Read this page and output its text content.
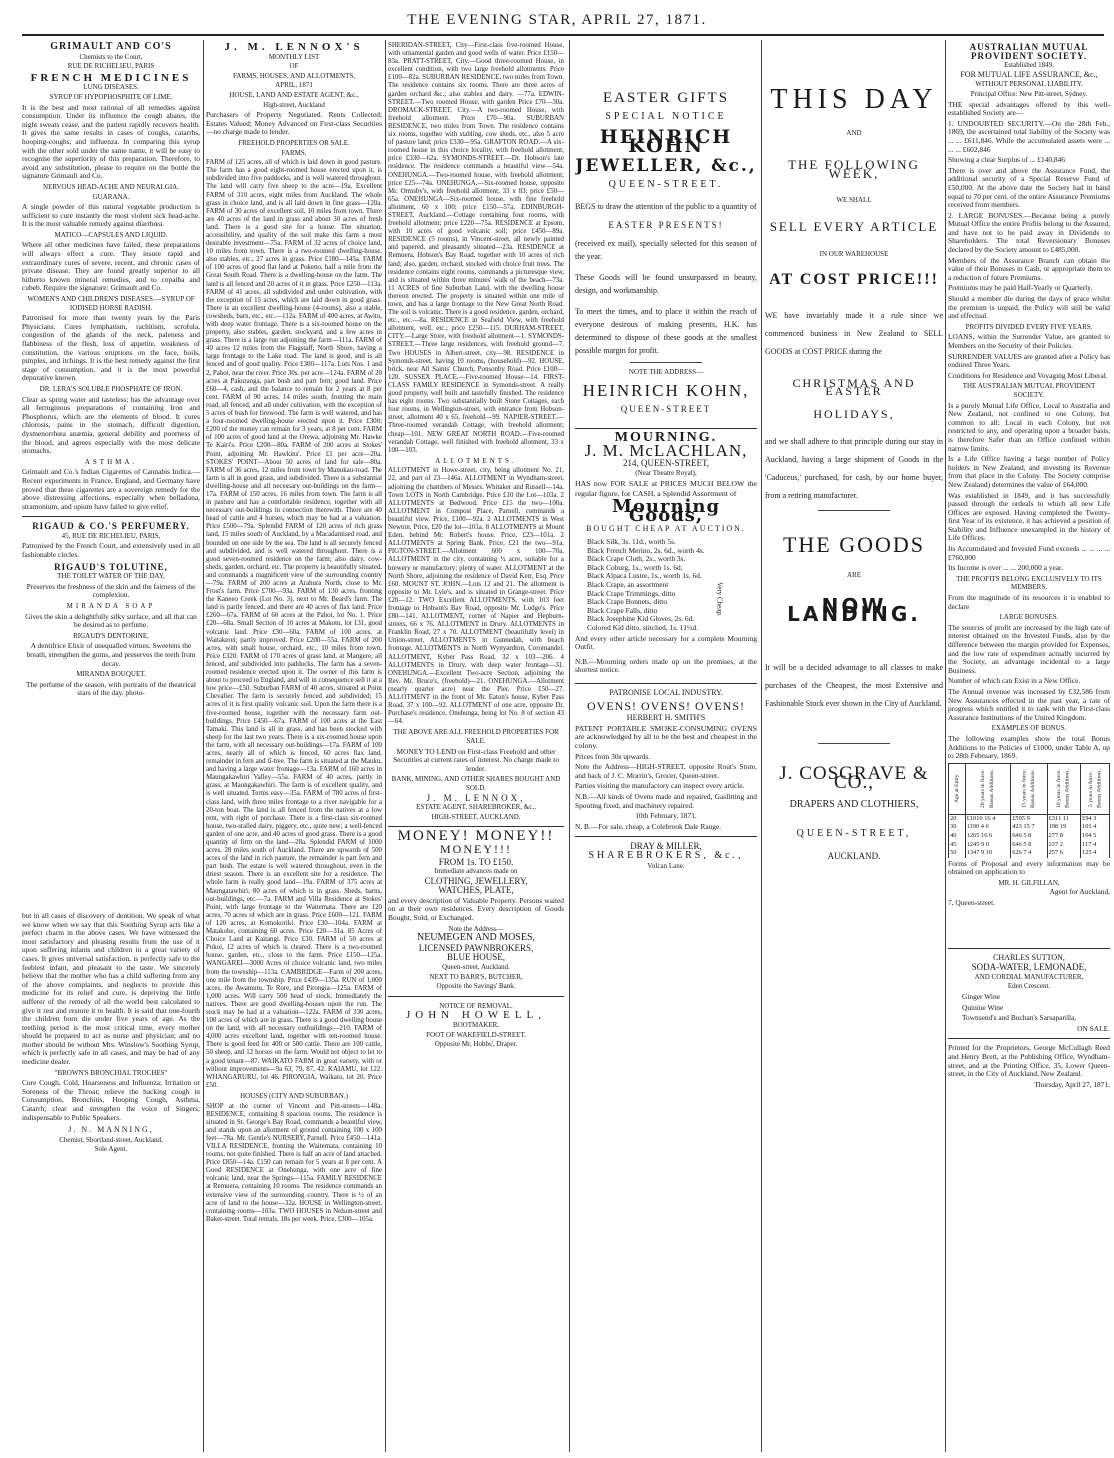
THE EVENING STAR, APRIL 27, 1871.
GRIMAULT AND CO'S
Chemists to the Court,
RUE DE RICHELIEU, PARIS
FRENCH MEDICINES
LUNG DISEASES.
SYRUP OF HYPOPHOSPHITE OF LIME.
It is the best and most rational of all remedies against consumption. Under its influence the cough abates, the night sweats cease, and the patient rapidly recovers health. It gives the same results in cases of coughs, catarrhs, hooping-coughs, and influenza. In comparing this syrup with the other sold under the same name, it will be easy to recognise the superiority of this preparation. Therefore, to avoid any substitution, please to require on the bottle the signature Grimault and Co.
NERVOUS HEAD-ACHE AND NEURALGIA.
GUARANA.
A single powder of this natural vegetable production is sufficient to cure instantly the most violent sick head-ache. It is the most valuable remedy against diarrhœa.
MATICO—CAPSULES AND LIQUID.
Where all other medicines have failed, these preparations will always effect a cure. They insure rapid and extraordinary cures of severe, recent, and chronic cases of private disease. They are found greatly superior to all hitherto known mineral remedies, and to copaiba and cubeb. Require the signature: Grimault and Co.
WOMEN'S AND CHILDREN'S DISEASES.—SYRUP OF IODISED HORSE RADISH.
Patronised for more than twenty years by the Paris Physicians. Cures lymphatism, rachitism, scrofula, congestion of the glands of the neck, paleness and flabbiness of the flesh, loss of appetite, weakness of constitution, the various eruptions on the face, boils, pimples, and itchings. It is the best remedy against the first stage of consumption, and it is the most powerful depurative known.
DR. LERA'S SOLUBLE PHOSPHATE OF IRON.
Clear as spring water and tasteless; has the advantage over all ferruginous preparations of containing Iron and Phosphorus, which are the elements of blood. It cures chlorosis, pains in the stomach, difficult digestion, dysmenorrhœa anæmia, general debility and poorness of the blood, and agrees especially with the most delicate stomachs.
ASTHMA.
Grimault and Co.'s Indian Cigarettes of Cannabis Indica.—Recent experiments in France, England, and Germany have proved that these cigarettes are a sovereign remedy for the above distressing affections, especially when belladona, stramonium, and opium have failed to give relief.
RIGAUD & CO.'S PERFUMERY.
45, RUE DE RICHELIEU, PARIS,
Patronised by the French Court, and extensively used in all fashionable circles.
RIGAUD'S TOLUTINE,
THE TOILET WATER OF THE DAY,
Preserves the freshness of the skin and the fairness of the complexion.
MIRANDA SOAP
Gives the skin a delightfully silky surface, and all that can be desired as to perfume.
RIGAUD'S DENTORINE,
A dentifrice Elixir of unequalled virtues. Sweetens the breath, strengthen the gums, and preserves the teeth from decay.
MIRANDA BOUQUET.
The perfume of the season, with portraits of the theatrical stars of the day. photo-
but in all cases of discovery of dentition. We speak of what we know when we say that this Soothing Syrup acts like a perfect charm in the above cases. We have witnessed the most satisfactory and pleasing results from the use of it upon suffering infants and children in a great variety of cases. It gives universal satisfaction, is perfectly safe to the feeblest infant, and pleasant to the taste. We sincerely believe that the mother who has a child suffering from any of the above complaints, and neglects to provide this medicine for its relief and cure, is depriving the little sufferer of the remedy of all the world best calculated to give it rest and restore it to health. It is said that one-fourth the children born die under five years of age. As the teething period is the most critical time, every mother should be prepared to act as nurse and physician; and no mother should be without Mrs. Winslow's Soothing Syrup, which is perfectly safe in all cases, and may be had of any medicine dealer.
"BROWN'S BRONCHIAL TROCHES"
Cure Cough, Cold, Hoarseness and Influenza; Irritation or Soreness of the Throat; relieve the hacking cough in Consumption, Bronchitis, Hooping Cough, Asthma, Catarrh; clear and strengthen the voice of Singers; indispensable to Public Speakers.
J. N. MANNING,
Chemist, Shortland-street, Auckland,
Sole Agent.
J. M. LENNOX'S
MONTHLY LIST
OF
FARMS, HOUSES, AND ALLOTMENTS,
APRIL, 1871
HOUSE, LAND AND ESTATE AGENT, &c.,
High-street, Auckland
Purchasers of Property Negotiated. Rents Collected; Estates Valued; Money Advanced on First-class Securities—no charge made to lender.
FREEHOLD PROPERTIES OR SALE.
FARMS.
FARM of 125 acres, all of which is laid down in good pasture. The farm has a good eight-roomed house erected upon it, is subdivided into five paddocks, and is well watered throughout. The land will carry five sheep to the acre—19a. Excellent FARM of 310 acres, eight miles from Auckland. The whole grass in choice land, and is all laid down in fine grass—120a. FARM of 30 acres of excellent soil, 10 miles from town. There are 40 acres of the land in grass and about 30 acres of fresh land. There is a good site for a house. The situation, accessibility, and quality of the soil make this farm a most desirable investment—75a. FARM of 32 acres of choice land, 10 miles from town. There is a two-roomed dwelling-house, also stables, etc., 27 acres in grass. Price £180—145a. FARM of 100 acres of good flat land at Pokeno, half a mile from the Great South Road. There is a dwelling-house on the farm. The land is all fenced and 20 acres of it in grass. Price £250—113a. FARM of 41 acres, all subdivided and under cultivation, with the exception of 15 acres, which are laid down in good grass. There is an excellent dwelling-house (4-rooms), also a stable, cowsheds, barn, etc., etc.—112a. FARM of 400 acres, at Awitu, with deep water frontage. There is a six-roomed house on the property, also stables, garden, stockyard, and a few acres in grass. There is a large run adjoining the farm—111a. FARM of 40 acres 12 miles from the Flagstaff, North Shore, having a large frontage to the Lake road. The land is good, and is all fenced and of good quality. Price £300—117a. Lots Nos. 1 and 2, Pahoi, near the river. Price 30s. per acre—124a. FARM of 20 acres at Pakuranga, part bush and part fern; good land. Price £60—4, cash, and the balance to remain for 2 years at 8 per cent. FARM of 90 acres, 14 miles south, fronting the main road, all fenced, and all under cultivation, with the exception of 5 acres of bush for firewood. The farm is well watered, and has a four-roomed dwelling-house erected upon it. Price £300; £200 of the money can remain for 3 years, at 8 per cent. FARM of 100 acres of good land at the Orewa, adjoining Mr. Hawke Te Kairi's. Price £200—80a. FARM of 200 acres at Stokes' Point, adjoining Mr. Hawkins'. Price £1 per acre—20a. STOKES' POINT—About 50 acres of land for sale—80a. FARM of 36 acres, 12 miles from town by Manukau-road. The farm is all in good grass, and subdivided. There is a substantial dwelling-house and all necessary out-buildings on the farm—17a. FARM of 150 acres, 16 miles from town. The farm is all in pasture and has a comfortable residence, together with all necessary out-buildings in connection therewith. There are 40 head of cattle and 4 horses, which may be had at a valuation. Price £500—79a. Splendid FARM of 120 acres of rich grass land, 15 miles south of Auckland, by a Macadamised road, and bounded on one side by the sea. The land is all securely fenced and subdivided, and is well watered throughout. There is a good seven-roomed residence on the farm; also dairy, cow-sheds, garden, orchard, etc. The property is beautifully situated, and commands a magnificent view of the surrounding country—79a. FARM of 200 acres at Arahura North, close to Mr. Frost's farm. Price £700—93a. FARM of 130 acres, fronting the Kaneeo Creek (Lot No. 3), next to Mr. Beard's farm. The land is partly fenced, and there are 40 acres of flax land. Price £260—67a. FARM of 60 acres at the Pahoi, lot No. 1. Price £20—68a. Small Section of 10 acres at Makotu, lot 131, good volcanic land. Price £30—60a. FARM of 100 acres, at Waitakerei; partly improved. Price £200—55a. FARM of 200 acres, with small house, orchard, etc., 10 miles from town. Price £320. FARM of 170 acres of grass land, at Mangere, all fenced, and subdivided into paddocks. The farm has a seven-roomed residence erected upon it. The owner of this farm is about to proceed to England, and will in consequence sell it at a low price—£50. Suburban FARM of 40 acres, situated at Point Chevalier. The farm is securely fenced and subdivided; 15 acres of it is first quality volcanic soil. Upon the farm there is a five-roomed house, together with the necessary farm out-buildings. Price £450—67a. FARM of 100 acres at the East Tamaki. This land is all in grass, and has been stocked with sheep for the last two years. There is a six-roomed house upon the farm, with all necessary out-buildings—17a. FARM of 100 acres, nearly all of which is fenced, 60 acres flax land, remainder in fern and tī-tree. The farm is situated at the Mauku, and having a large water frontage—13a. FARM of 160 acres in Maungakawhiri Valley—55a. FARM of 40 acres, partly in grass, at Maungakawhiri. The farm is of excellent quality, and is well situated. Terms easy—35a. FARM of 780 acres of first-class land, with three miles frontage to a river navigable for a 20-ton boat. The land is all fenced from the natives at a low rent, with right of purchase. There is a first-class six-roomed house, two-stalled dairy, piggery, etc., quite new; a well-fenced garden of one acre, and 40 acres of good grass. There is a good quantity of firm on the land—28a. Splendid FARM of 1000 acres, 28 miles south of Auckland. There are upwards of 500 acres of the land in rich pasture, the remainder is part fern and part bush. The estate is well watered throughout, even in the driest season. There is an excellent site for a residence. The whole farm is really good land—19a. FARM of 375 acres at Maungatawhiri, 80 acres of which is in grass. Sheds, barns, out-buildings, etc.—7a. FARM and Villa Residence at Stokes' Point, with large frontage to the Waitemata. There are 120 acres, 70 acres of which are in grass. Price £600—121. FARM of 120 acres, at Komokoriki. Price £30—104a. FARM at Matakohe, containing 60 acres. Price £20—31a. 85 Acres of Choice Land at Kaitangi. Price £30. FARM of 50 acres at Pukoi, 12 acres of which is cleared. There is a two-roomed house, garden, etc., close to the farm. Price £150—125a. WANGAREI—3000 Acres of choice volcanic land, two miles from the township—113a. CAMBRIDGE—Farm of 200 acres, one mile from the township. Price £439—135a. RUN of 1,000 acres, the Awamutu, Te Rore, and Pirongia—125a. FARM of 1,000 acres. Will carry 500 head of stock. Immediately the natives. There are good dwelling-houses upon the run. The stock may be had at a valuation—122a. FARM of 330 acres, 100 acres of which are in grass. There is a good dwelling house on the land, with all necessary outbuildings—210. FARM of 4,000 acres excellent land, together with ten-roomed house. There is good feed for 400 or 500 cattle. There are 100 cattle, 50 sheep, and 12 horses on the farm. Would not object to let to a good tenant—87. WAIKATO FARM in great variety, with or without improvements—9a 63, 79, 87, 42. KAIAMU, lot 122. WHANGARURU, lot 46. PIRONGIA, Waikato, lot 20. Price £50.
HOUSES (CITY AND SUBURBAN.)
SHOP at the corner of Vincent and Pitt-streets—148a. RESIDENCE, containing 8 spacious rooms. The residence is situated in St. George's Bay Road, commands a beautiful view, and stands upon an allotment of ground containing 100 x 100 feet—78a. Mr. Gentle's NURSERY, Parnell. Price £450—141a. VILLA RESIDENCE, fronting the Waitemata, containing 10 rooms, not quite finished. There is half an acre of land attached. Price £850—14a. £150 can remain for 5 years at 8 per cent. A Good RESIDENCE at Onehunga, with one acre of fine volcanic land, near the Springs—115a. FAMILY RESIDENCE at Remuera, containing 10 rooms. The residence commands an extensive view of the surrounding country. There is ½ of an acre of land to the house—32a. HOUSE in Wellington-street, containing rooms—103a. TWO HOUSES in Nelson-street and Baker-street. Total rentals, 18s per week. Price, £300—105a.
SHERIDAN-STREET, City—First-class five-roomed House, with ornamental garden and good wells of water. Price £150—83a. PRATT-STREET, City.—Good three-roomed House, in excellent condition, with two large freehold allotments. Price £100—82a. SUBURBAN RESIDENCE, two miles from Town. The residence contains six rooms. There are three acres of garden orchard &c.; also stables and dairy. —77a. EDWIN-STREET.—Two roomed House, with garden Price £70—30a. DROMACK-STREET, City.—A two-roomed House, with freehold allotment. Price £70—90a. SUBURBAN RESIDENCE, two miles from Town. The residence contains six rooms, together with stabling, cow sheds, etc., also 5 acre of pasture land; price £330—95a. GRAFTON ROAD.—A six-roomed house in this choice locality, with freehold allotment; price £330—62a. SYMONDS-STREET.—Dr. Hobson's late residence. The residence commands a beautiful view—54a. ONEHUNGA.—Two-roomed house, with freehold allotment; price £25—74a. ONEHUNGA.—Six-roomed house, opposite Mr. Ormsby's, with freehold allotment, 33 x 83; price £50—65a. ONEHUNGA—Six-roomed house, with fine freehold allotment, 60 x 100; price £150—57a. EDINBURGH-STREET, Auckland.—Cottage containing four rooms, with freehold allotment; price £220—75a. RESIDENCE at Epsom, with 10 acres of good volcanic soil; price £450—89a. RESIDENCE (5 rooms), in Vincent-street, all newly painted and papered, and pleasantly situated—23a. RESIDENCE at Remuera, Hobson's Bay Road, together with 10 acres of rich land; also, garden, orchard, stocked with choice fruit trees. The residence contains eight rooms, commands a picturesque view, and is situated within three minutes' walk of the beach—73a. 11 ACRES of fine Suburban Land, with the dwelling house thereon erected. The property is situated within one mile of town, and has a large frontage to the New Great North Road. The soil is volcanic. There is a good residence, garden, orchard, etc., etc.—8a. RESIDENCE in Seafield View, with freehold allotment, well, etc.; price £250—115. DURHAM-STREET, CITY.—Large Store, with freehold allotment—1. SYMONDS-STREET.—Three large residences, with freehold ground—7. Two HOUSES in Albert-street, city—98. RESIDENCE in Symonds-street, having 10 rooms, (household)—92. HOUSE, brick, near All Saints' Church, Ponsonby Road. Price £100—120. SUSSEX PLACE.—Five-roomed House—14. FIRST-CLASS FAMILY RESIDENCE in Symonds-street. A really good property, well built and tastefully finished. The residence has eight rooms. Two substantially built Stone Cottages, each four rooms, in Wellington-street, with entrance from Hobson-street, allotment 40 x 65, freehold—99. NAPIER-STREET.—Three-roomed verandah Cottage, with freehold allotment; cheap—101. NEW GREAT NORTH ROAD.—Five-roomed verandah Cottage, well finished with freehold allotment, 33 x 100—103.
ALLOTMENTS.
ALLOTMENT in Howe-street, city, being allotment No. 21, 22, and part of 23—146a. ALLOTMENT in Wyndham-street, adjoining the chambers of Messrs. Whitaker and Russell—14a. Town LOTS in North Cambridge. Price £10 the Lot—103a. 2 ALLOTMENTS at Bedwood. Price £15 the two—100a. ALLOTMENT in Compost Place, Parnell, commands a beautiful view. Price, £100—92a. 2 ALLOTMENTS in West Newton. Price, £20 the lot—101a. 8 ALLOTMENTS at Mount Eden, behind Mr. Robert's house. Price, £23—101a. 2 ALLOTMENTS at Spring Bank. Price, £21 the two—91a. PIGTON-STREET.—Allotment 600 x 100—70a. ALLOTMENT in the city, containing ½ acre, suitable for a brewery or manufactory; plenty of water. ALLOTMENT at the North Shore, adjoining the residence of David Kerr, Esq. Price £60. MOUNT ST. JOHN.—Lots 12 and 21. The allotment is opposite to Mr. Lyle's, and is situated in Grange-street. Price £20—12. TWO Excellent ALLOTMENTS, with 103 feet frontage to Hobson's Bay Road, opposite Mr. Lodge's. Price £80—141. ALLOTMENT, corner of Napier and Hepburn-streets, 66 x 76. ALLOTMENT in Drury. ALLOTMENTS in Franklin Road, 27 x 70. ALLOTMENT (beautifully level) in Union-street. ALLOTMENTS in Gunnedah, with beach frontage. ALLOTMENTS in North Wynyardton, Coromandel. ALLOTMENT, Kyber Pass Road, 32 x 103—206. 4 ALLOTMENTS in Drury, with deep water frontage—31. ONEHUNGA.—Excellent Two-acre Section, adjoining the Rev. Mr. Bruce's, (freehold)—21. ONEHUNGA.—Allotment (nearly quarter acre) near the Pier. Price £50—27. ALLOTMENT in the front of Mr. Eaton's house, Kyber Pass Road, 37 x 100—92. ALLOTMENT of one acre, opposite Dr. Purchase's residence, Onehunga, being lot No. 8 of section 43—64.
THE ABOVE ARE ALL FREEHOLD PROPERTIES FOR SALE.
MONEY TO LEND on First-class Freehold and other Securities at current rates of interest. No charge made to lender.
BANK, MINING, AND OTHER SHARES BOUGHT AND SOLD.
J. M. LENNOX,
ESTATE AGENT, SHAREBROKER, &c.,
HIGH-STREET, AUCKLAND.
MONEY! MONEY!!
MONEY!!!
FROM 1s. TO £150.
Immediate advances made on
CLOTHING, JEWELLERY,
WATCHES, PLATE,
and every description of Valuable Property. Persons waited on at their own residences. Every description of Goods Bought, Sold, or Exchanged.
Note the Address—
NEUMEGEN AND MOSES,
LICENSED PAWNBROKERS,
BLUE HOUSE,
Queen-street, Auckland.
NEXT TO BARR'S, BUTCHER,
Opposite the Savings' Bank.
NOTICE OF REMOVAL.
JOHN HOWELL,
BOOTMAKER,
FOOT OF WAKEFIELD-STREET.
Opposite Mr. Hobbs', Draper.
EASTER GIFTS
SPECIAL NOTICE
HEINRICH KOHN
JEWELLER, &c.,
QUEEN-STREET.
BEGS to draw the attention of the public to a quantity of
EASTER PRESENTS!
(received ex mail), specially selected for this season of the year.
These Goods will be found unsurpassed in beauty, design, and workmanship.
To meet the times, and to place it within the reach of everyone desirous of making presents, H.K. has determined to dispose of these goods at the smallest possible margin for profit.
NOTE THE ADDRESS—
HEINRICH KOHN,
QUEEN-STREET
MOURNING.
J. M. McLACHLAN,
214, QUEEN-STREET,
(Near Theatre Royal),
HAS now FOR SALE at PRICES MUCH BELOW the regular figure, for CASH, a Splendid Assortment of
Mourning Goods,
BOUGHT CHEAP AT AUCTION.
Black Silk, 3s. 11d., worth 5s.
Black French Merino, 2s. 6d., worth 4s.
Black Crape Cloth, 2s., worth 3s.
Black Coburg, 1s., worth 1s. 6d.
Black Alpaca Lustre, 1s., worth 1s. 6d.
Black Crape, an assortment
Black Crape Trimmings, ditto
Black Crape Bonnets, ditto
Black Crape Falls, ditto
Black Josephine Kid Gloves, 2s. 6d.
Colored Kid ditto, stitched, 1s. 11½d.
Very Cheap.
And every other article necessary for a complete Mourning Outfit.
N.B.—Mourning orders made up on the premises, at the shortest notice.
PATRONISE LOCAL INDUSTRY.
OVENS! OVENS! OVENS!
HERBERT H. SMITH'S
PATENT PORTABLE SMOKE-CONSUMING OVENS are acknowledged by all to be the best and cheapest in the colony.
Prices from 30s upwards.
Note the Address—HIGH-STREET, opposite Rout's Store, and back of J. C. Morrin's, Grocer, Queen-street.
Parties visiting the manufactory can inspect every article.
N.B.—All kinds of Ovens made and repaired, Gasfitting and Spouting fixed, and machinery repaired.
10th February, 1871.
N. B.—For sale, cheap, a Colebrook Dale Range.
DRAY & MILLER,
SHAREBROKERS, &c.,
Vulcan Lane.
THIS DAY
AND
THE FOLLOWING WEEK,
WE SHALL
SELL EVERY ARTICLE
IN OUR WAREHOUSE
AT COST PRICE!!!
WE have invariably made it a rule since we commenced business in New Zealand to SELL GOODS at COST PRICE during the
CHRISTMAS AND EASTER
HOLIDAYS,
and we shall adhere to that principle during our stay in Auckland, having a large shipment of Goods in the 'Caduceus,' purchased, for cash, by our home buyer, from a retiring manufacturer.
THE GOODS
ARE
NOW LANDING.
It will be a decided advantage to all classes to make purchases of the Cheapest, the most Extensive and Fashionable Stock ever shown in the City of Auckland.
J. COSGRAVE & CO.,
DRAPERS AND CLOTHIERS,
QUEEN-STREET,
AUCKLAND.
AUSTRALIAN MUTUAL PROVIDENT SOCIETY.
Established 1849.
FOR MUTUAL LIFE ASSURANCE, &c.,
WITHOUT PERSONAL LIABILITY.
Principal Office: New Pitt-street, Sydney.
THE special advantages offered by this well-established Society are—
1. UNDOUBTED SECURITY.—On the 28th Feb., 1869, the ascertained total liability of the Society was ... ... £611,846. While the accumulated assets were ... ... ... £602,846
Showing a clear Surplus of ... £140,846
There is over and above the Assurance Fund, the additional security of a Special Reserve Fund of £50,000. At the above date the Society had in hand equal to 70 per cent. of the entire Assurance Premiums received from members.
2. LARGE BONUSES.—Because being a purely Mutual Office the entire Profits belong to the Assured, and have not to be paid away in Dividends to Shareholders. The total Reversionary Bonuses declared by the Society amount to £485,000.
Members of the Assurance Branch can obtain the value of their Bonuses in Cash, or appropriate them to a reduction of future Premiums.
Premiums may be paid Half-Yearly or Quarterly.
Should a member die during the days of grace whilst the premium is unpaid, the Policy will still be valid and effectual.
PROFITS DIVIDED EVERY FIVE YEARS.
LOANS, within the Surrender Value, are granted to Members on the Security of their Policies.
SURRENDER VALUES are granted after a Policy has endured Three Years.
Conditions for Residence and Voyaging Most Liberal.
THE AUSTRALIAN MUTUAL PROVIDENT SOCIETY.
Is a purely Mutual Life Office, Local to Australia and New Zealand, not confined to one Colony, but common to all; Local in each Colony, but not restricted to any, and operating upon a broader basis, is therefore Safer than an Office confined within narrow limits.
Is a Life Office having a large number of Policy holders in New Zealand, and investing its Revenue from that place in the Colony. The Society comprise New Zealand) determines the value of £64,000.
Was established in 1849, and it has successfully passed through the ordeals to which all new Life Offices are exposed. Having completed the Twenty-first Year of its existence, it has achieved a position of Stability and Influence unexampled in the history of Life Offices.
Its Accumulated and Invested Fund exceeds ... ... ... ... £760,000
Its Income is over ... ... 200,000 a year.
THE PROFITS BELONG EXCLUSIVELY TO ITS MEMBERS.
From the magnitude of its resources it is enabled to declare
LARGE BONUSES.
The sources of profit are increased by the high rate of interest obtained on the Invested Funds, also by the difference between the margin provided for Expenses, and the low rate of expenditure actually incurred by the Society, an advantage incidental to a large Business.
Number of which can Exist in a New Office.
The Annual revenue was increased by £32,586 from New Assurances effected in the past year, a rate of progress which entitled it to rank with the First-class Assurance Institutions of the United Kingdom.
EXAMPLES OF BONUS.
The following examples show the total Bonus Additions to the Policies of £1000, under Table A, up to 28th February, 1869.
Age at Entry.	20 years in force. Bonus Additions.	15 years in force. Bonus Additions.	10 years in force. Bonus Additions.	5 years in force. Bonus Additions.
20	£1010 16 4	£595 9	£311 11	£94 3
30	1190 4 6	423 15 7	198 19	101 4
40	1265 16 6	646 5 8	277 8	104 5
45	1245 9 0	646 5 8	237 2	117 4
50	1347 9 10	626 7 4	257 6	125 4
Forms of Proposal and every information may be obtained on application to
MR. H. GILFILLAN,
Agent for Auckland,
7, Queen-street.
CHARLES SUTTON,
SODA-WATER, LEMONADE,
AND CORDIAL MANUFACTURER,
Eden Crescent.
Ginger Wine
Quinine Wine
Townsend's and Buchan's Sarsaparilla,
ON SALE.
Printed for the Proprietors, George McCullagh Reed and Henry Brett, at the Publishing Office, Wyndham-street, and at the Printing Office, 35, Lower Queen-street, in the City of Auckland, New Zealand.
Thursday, April 27, 1871.
